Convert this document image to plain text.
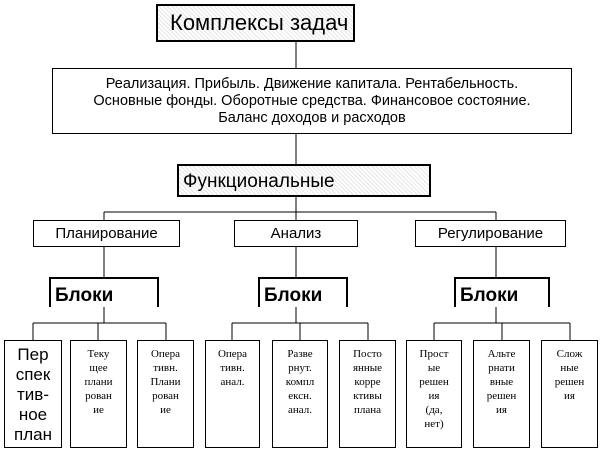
Комплексы задач
Реализация. Прибыль. Движение капитала. Рентабельность.
Основные фонды. Оборотные средства. Финансовое состояние.
Баланс доходов и расходов
Функциональные
Планирование	Анализ	Регулирование
Блоки	Блоки	Блоки
Пер
спек
тив-
ное
план
Теку
щее
плани
рован
ие
Опера
тивн.
Плани
рован
ие
Опера
тивн.
анал.
Разве
рнут.
компл
ексн.
анал.
Посто
янные
корре
ктивы
плана
Прост
ые
решен
ия
(да,
нет)
Альте
рнати
вные
решен
ия
Слож
ные
решен
ия
